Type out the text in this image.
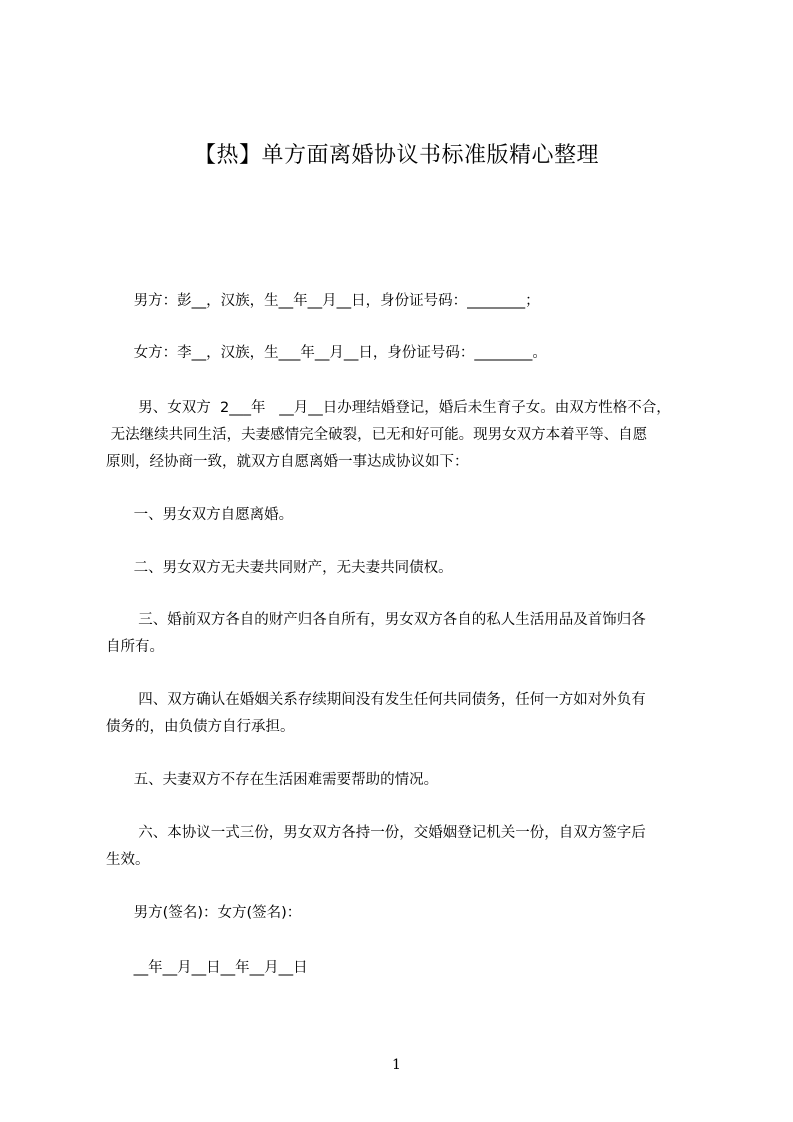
【热】单方面离婚协议书标准版精心整理

男方：彭__，汉族，生__年__月__日，身份证号码：________；

女方：李__，汉族，生___年__月__日，身份证号码：________。

男、女双方  2___年   __月__日办理结婚登记，婚后未生育子女。由双方性格不合，
无法继续共同生活，夫妻感情完全破裂，已无和好可能。现男女双方本着平等、自愿
原则，经协商一致，就双方自愿离婚一事达成协议如下：

一、男女双方自愿离婚。

二、男女双方无夫妻共同财产，无夫妻共同债权。

三、婚前双方各自的财产归各自所有，男女双方各自的私人生活用品及首饰归各
自所有。

四、双方确认在婚姻关系存续期间没有发生任何共同债务，任何一方如对外负有
债务的，由负债方自行承担。

五、夫妻双方不存在生活困难需要帮助的情况。

六、本协议一式三份，男女双方各持一份，交婚姻登记机关一份，自双方签字后
生效。

男方(签名)：女方(签名)：

__年__月__日__年__月__日

1
